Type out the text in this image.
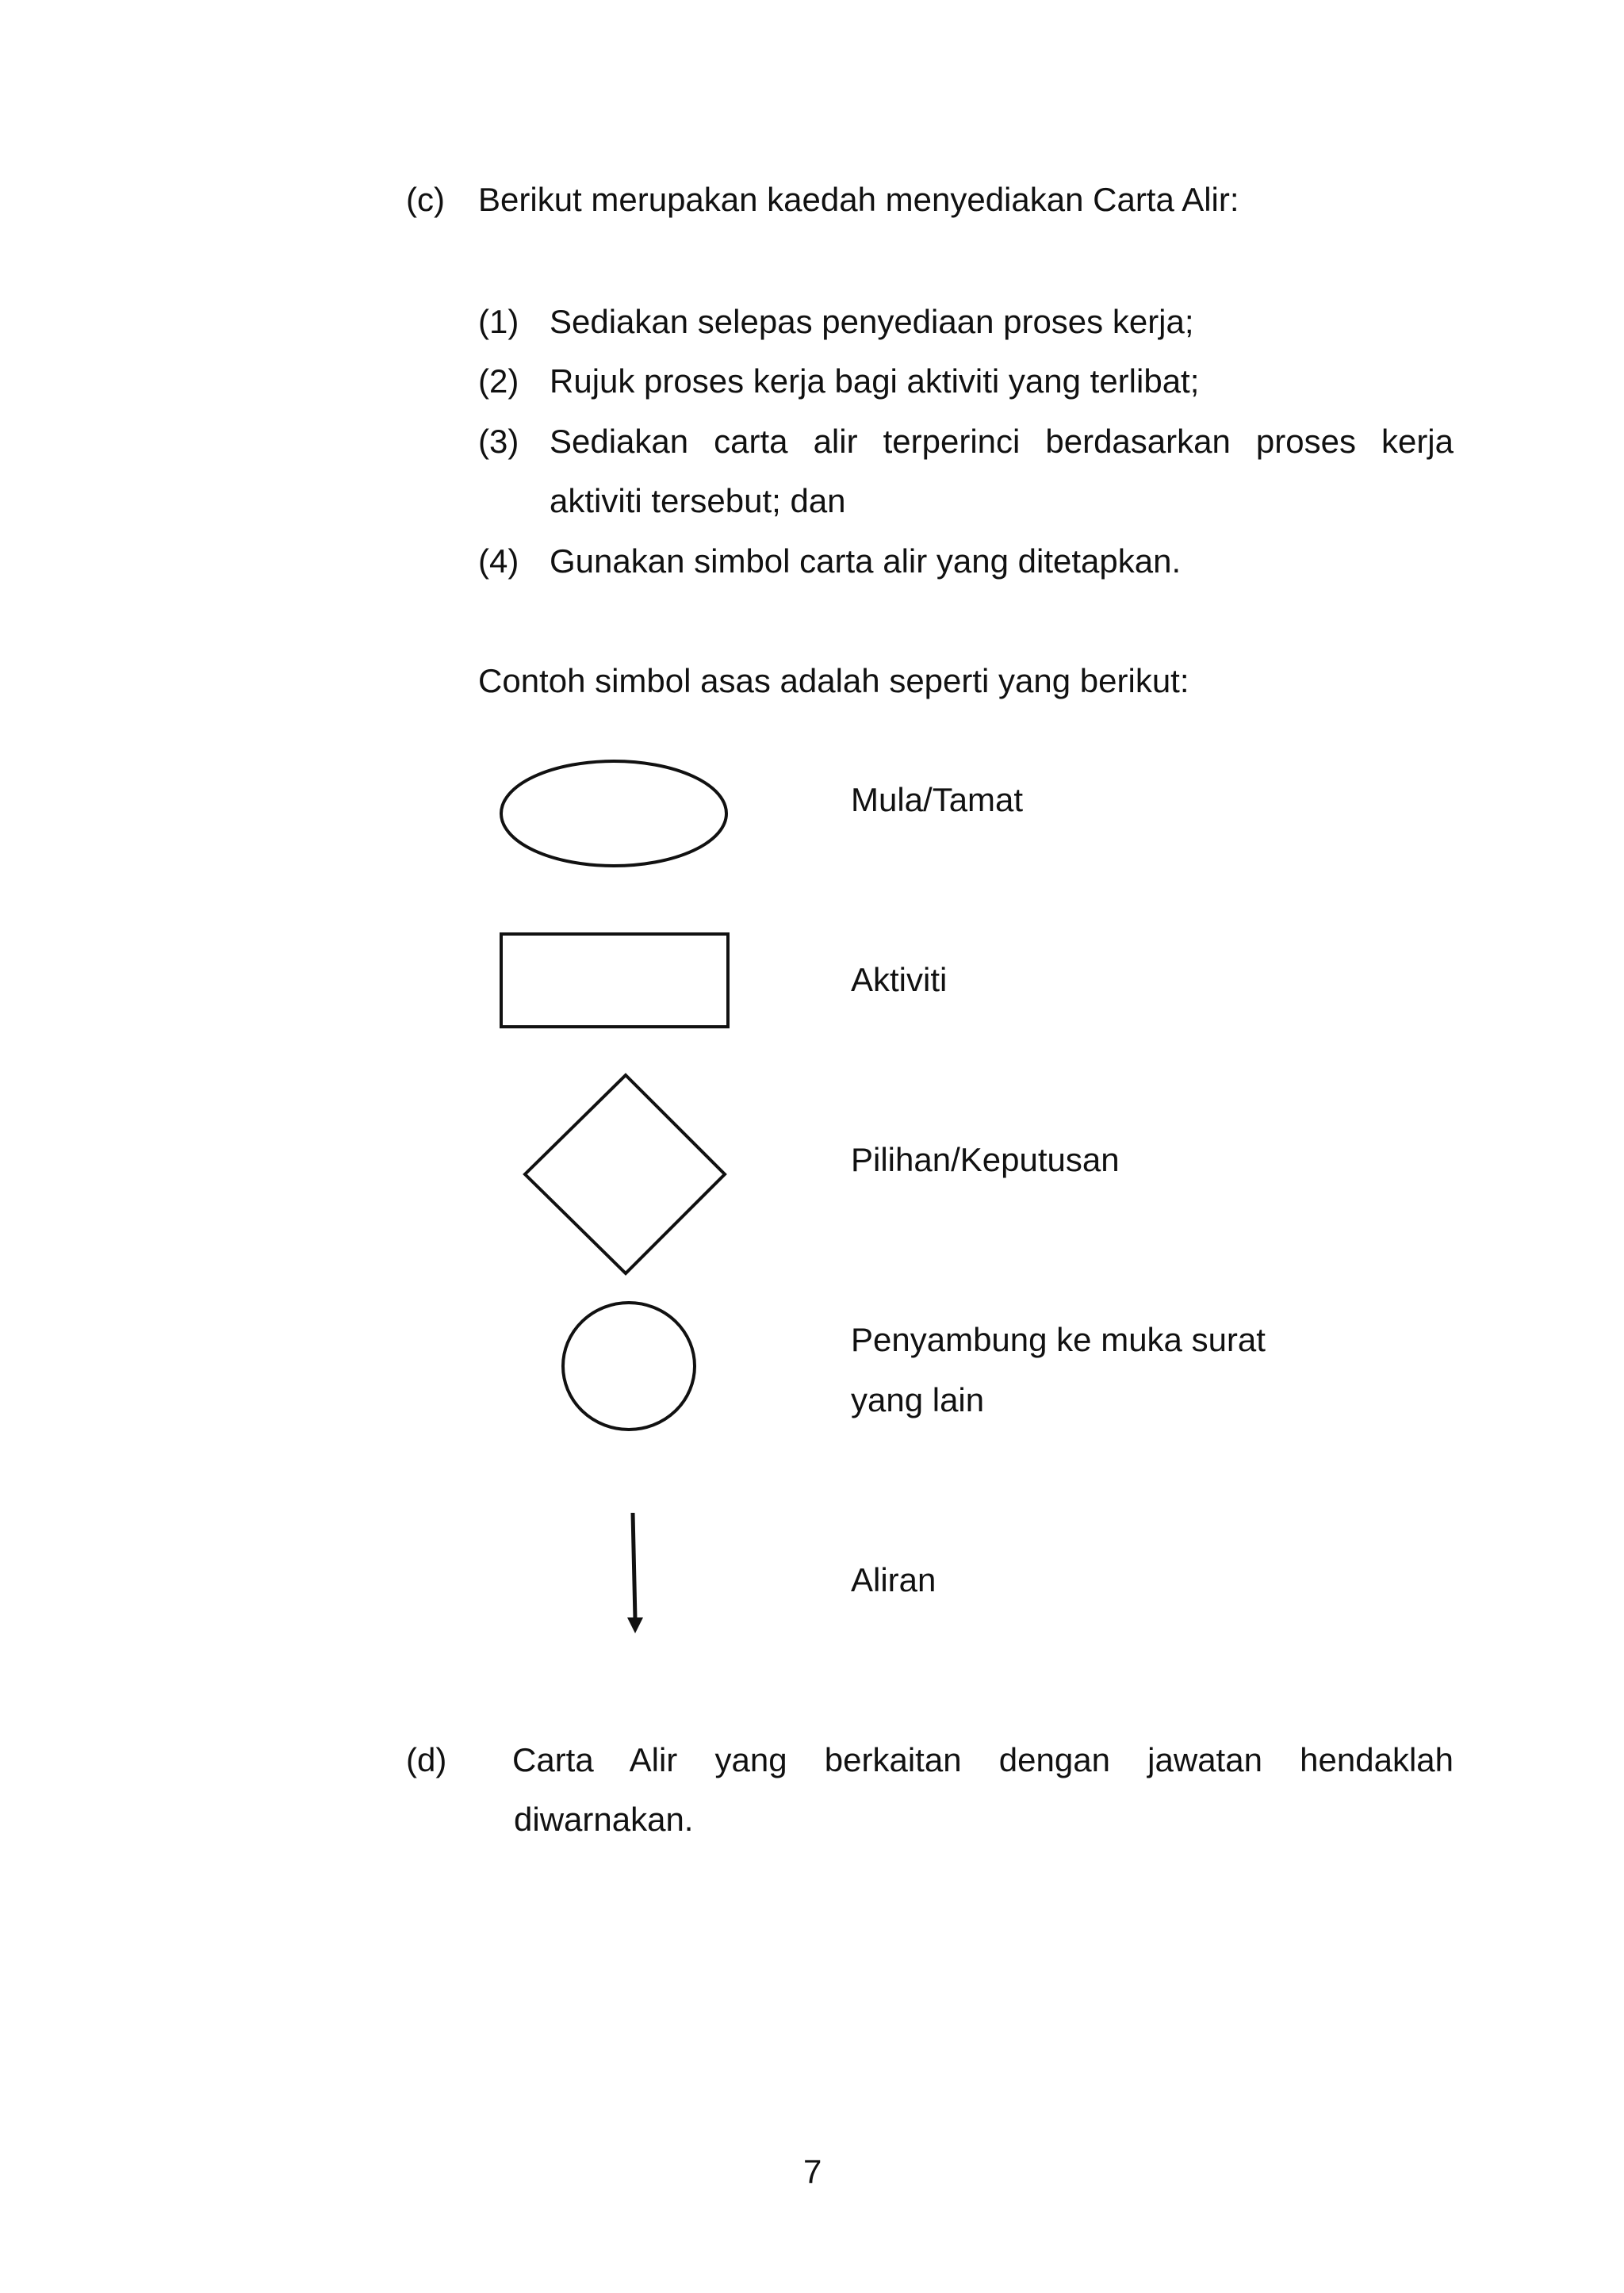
(c) Berikut merupakan kaedah menyediakan Carta Alir:

(1) Sediakan selepas penyediaan proses kerja;

(2) Rujuk proses kerja bagi aktiviti yang terlibat;

(3) Sediakan carta alir terperinci berdasarkan proses kerja

aktiviti tersebut; dan

(4) Gunakan simbol carta alir yang ditetapkan.

Contoh simbol asas adalah seperti yang berikut:

Mula/Tamat

Aktiviti

Pilihan/Keputusan

Penyambung ke muka surat

yang lain

Aliran

(d) Carta Alir yang berkaitan dengan jawatan hendaklah

diwarnakan.

7
